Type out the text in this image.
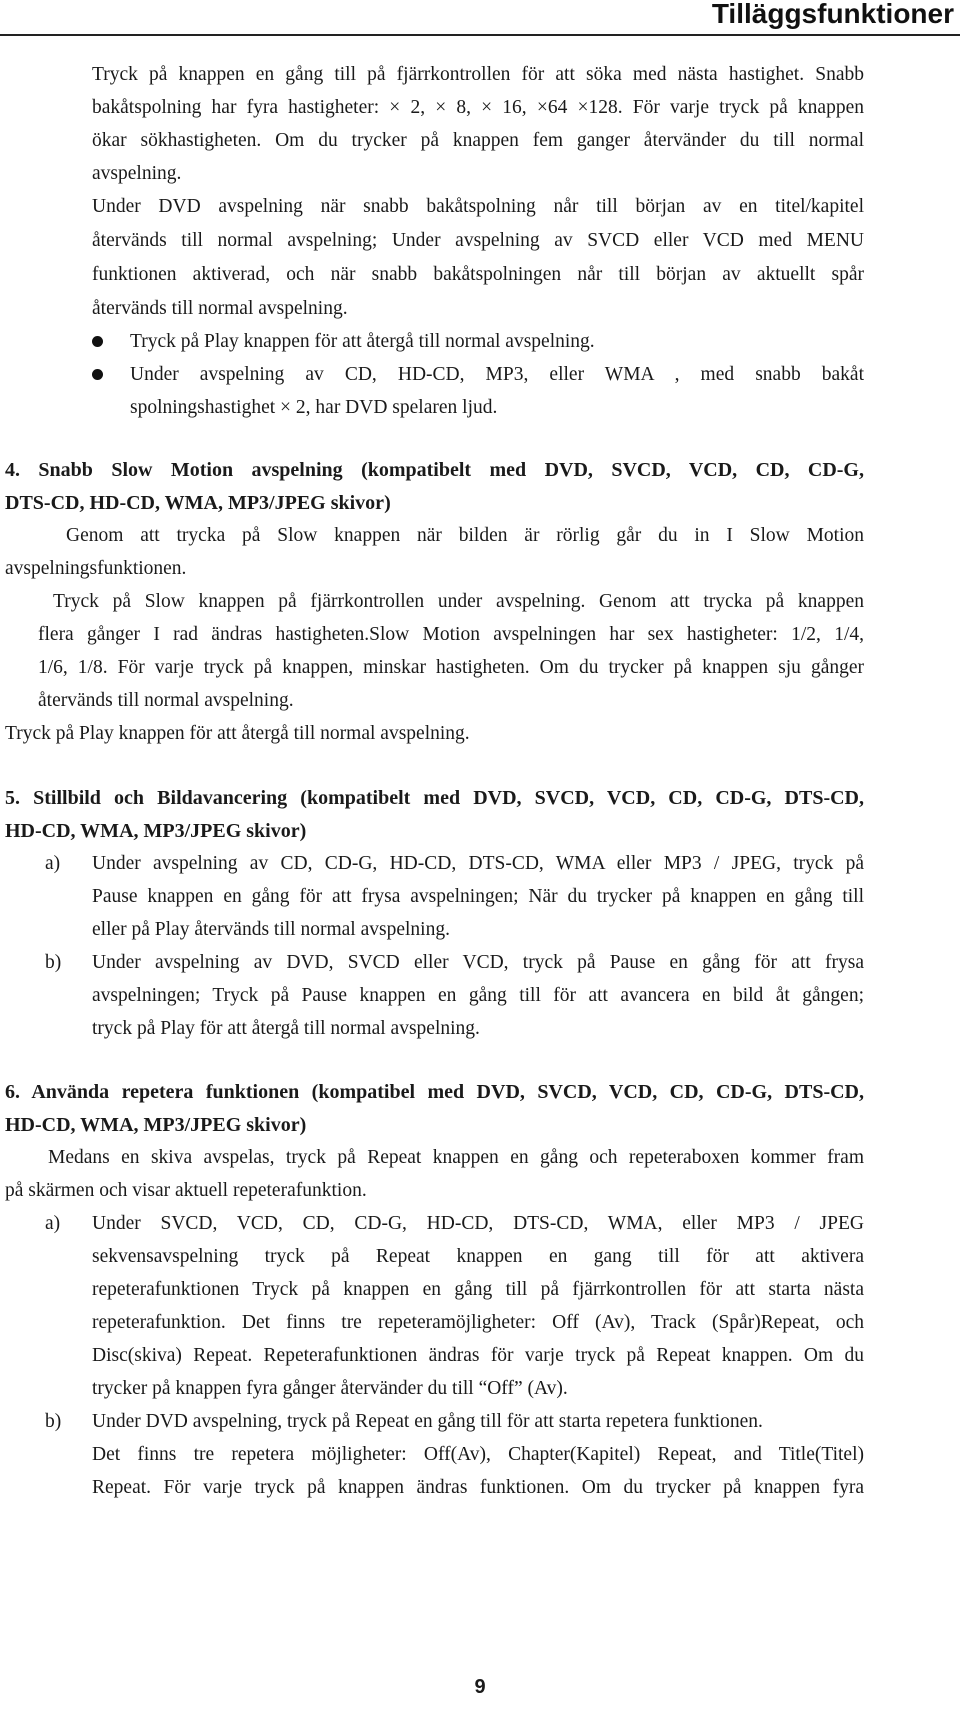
Tilläggsfunktioner
Tryck på knappen en gång till på fjärrkontrollen för att söka med nästa hastighet. Snabb
bakåtspolning har fyra hastigheter: × 2, × 8, × 16, ×64 ×128. För varje tryck på knappen
ökar sökhastigheten. Om du trycker på knappen fem ganger återvänder du till normal
avspelning.
Under DVD avspelning när snabb bakåtspolning når till början av en titel/kapitel
återvänds till normal avspelning; Under avspelning av SVCD eller VCD med MENU
funktionen aktiverad, och när snabb bakåtspolningen når till början av aktuellt spår
återvänds till normal avspelning.
Tryck på Play knappen för att återgå till normal avspelning.
Under avspelning av CD, HD-CD, MP3, eller WMA , med snabb bakåt
spolningshastighet × 2, har DVD spelaren ljud.
4. Snabb Slow Motion avspelning (kompatibelt med DVD, SVCD, VCD, CD, CD-G,
DTS-CD, HD-CD, WMA, MP3/JPEG skivor)
Genom att trycka på Slow knappen när bilden är rörlig går du in I Slow Motion
avspelningsfunktionen.
Tryck på Slow knappen på fjärrkontrollen under avspelning. Genom att trycka på knappen
flera gånger I rad ändras hastigheten.Slow Motion avspelningen har sex hastigheter: 1/2, 1/4,
1/6, 1/8. För varje tryck på knappen, minskar hastigheten. Om du trycker på knappen sju gånger
återvänds till normal avspelning.
Tryck på Play knappen för att återgå till normal avspelning.
5. Stillbild och Bildavancering (kompatibelt med DVD, SVCD, VCD, CD, CD-G, DTS-CD,
HD-CD, WMA, MP3/JPEG skivor)
a) Under avspelning av CD, CD-G, HD-CD, DTS-CD, WMA eller MP3 / JPEG, tryck på
Pause knappen en gång för att frysa avspelningen; När du trycker på knappen en gång till
eller på Play återvänds till normal avspelning.
b) Under avspelning av DVD, SVCD eller VCD, tryck på Pause en gång för att frysa
avspelningen; Tryck på Pause knappen en gång till för att avancera en bild åt gången;
tryck på Play för att återgå till normal avspelning.
6. Använda repetera funktionen (kompatibel med DVD, SVCD, VCD, CD, CD-G, DTS-CD,
HD-CD, WMA, MP3/JPEG skivor)
Medans en skiva avspelas, tryck på Repeat knappen en gång och repeteraboxen kommer fram
på skärmen och visar aktuell repeterafunktion.
a) Under SVCD, VCD, CD, CD-G, HD-CD, DTS-CD, WMA, eller MP3 / JPEG
sekvensavspelning tryck på Repeat knappen en gang till för att aktivera
repeterafunktionen Tryck på knappen en gång till på fjärrkontrollen för att starta nästa
repeterafunktion. Det finns tre repeteramöjligheter: Off (Av), Track (Spår)Repeat, och
Disc(skiva) Repeat. Repeterafunktionen ändras för varje tryck på Repeat knappen. Om du
trycker på knappen fyra gånger återvänder du till “Off” (Av).
b) Under DVD avspelning, tryck på Repeat en gång till för att starta repetera funktionen.
Det finns tre repetera möjligheter: Off(Av), Chapter(Kapitel) Repeat, and Title(Titel)
Repeat. För varje tryck på knappen ändras funktionen. Om du trycker på knappen fyra
9
